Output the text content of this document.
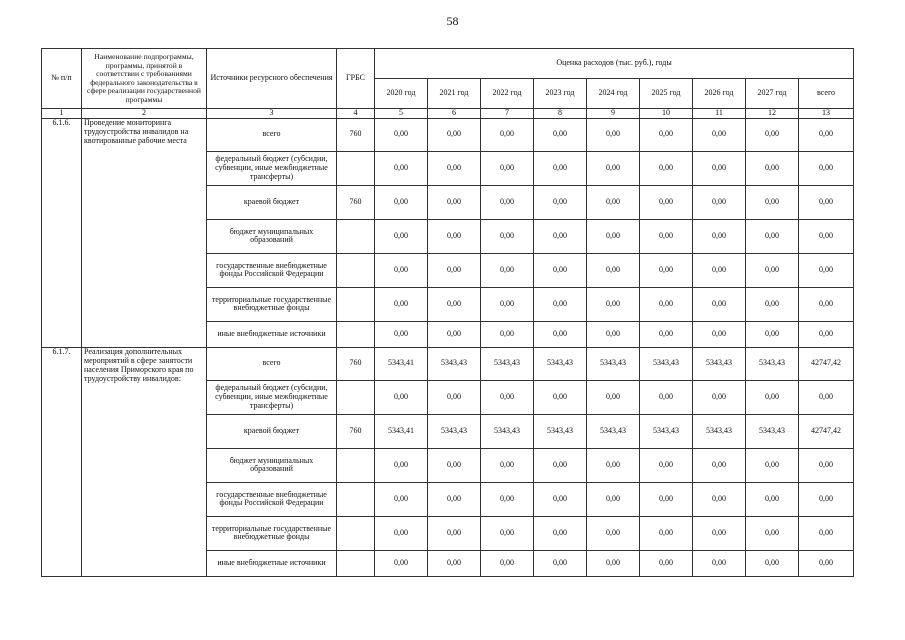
58
№ п/п	Наименование подпрограммы, программы, принятой в соответствии с требованиями федерального законодательства в сфере реализации государственной программы	Источники ресурсного обеспечения	ГРБС	Оценка расходов (тыс. руб.), годы								
				2020 год	2021 год	2022 год	2023 год	2024 год	2025 год	2026 год	2027 год	всего
1	2	3	4	5	6	7	8	9	10	11	12	13
6.1.6.	Проведение мониторинга трудоустройства инвалидов на квотированные рабочие места	всего	760	0,00	0,00	0,00	0,00	0,00	0,00	0,00	0,00	0,00
		федеральный бюджет (субсидии, субвенции, иные межбюджетные трансферты)		0,00	0,00	0,00	0,00	0,00	0,00	0,00	0,00	0,00
		краевой бюджет	760	0,00	0,00	0,00	0,00	0,00	0,00	0,00	0,00	0,00
		бюджет муниципальных образований		0,00	0,00	0,00	0,00	0,00	0,00	0,00	0,00	0,00
		государственные внебюджетные фонды Российской Федерации		0,00	0,00	0,00	0,00	0,00	0,00	0,00	0,00	0,00
		территориальные государственные внебюджетные фонды		0,00	0,00	0,00	0,00	0,00	0,00	0,00	0,00	0,00
		иные внебюджетные источники		0,00	0,00	0,00	0,00	0,00	0,00	0,00	0,00	0,00
6.1.7.	Реализация дополнительных мероприятий в сфере занятости населения Приморского края по трудоустройству инвалидов:	всего	760	5343,41	5343,43	5343,43	5343,43	5343,43	5343,43	5343,43	5343,43	42747,42
		федеральный бюджет (субсидии, субвенции, иные межбюджетные трансферты)		0,00	0,00	0,00	0,00	0,00	0,00	0,00	0,00	0,00
		краевой бюджет	760	5343,41	5343,43	5343,43	5343,43	5343,43	5343,43	5343,43	5343,43	42747,42
		бюджет муниципальных образований		0,00	0,00	0,00	0,00	0,00	0,00	0,00	0,00	0,00
		государственные внебюджетные фонды Российской Федерации		0,00	0,00	0,00	0,00	0,00	0,00	0,00	0,00	0,00
		территориальные государственные внебюджетные фонды		0,00	0,00	0,00	0,00	0,00	0,00	0,00	0,00	0,00
		иные внебюджетные источники		0,00	0,00	0,00	0,00	0,00	0,00	0,00	0,00	0,00
